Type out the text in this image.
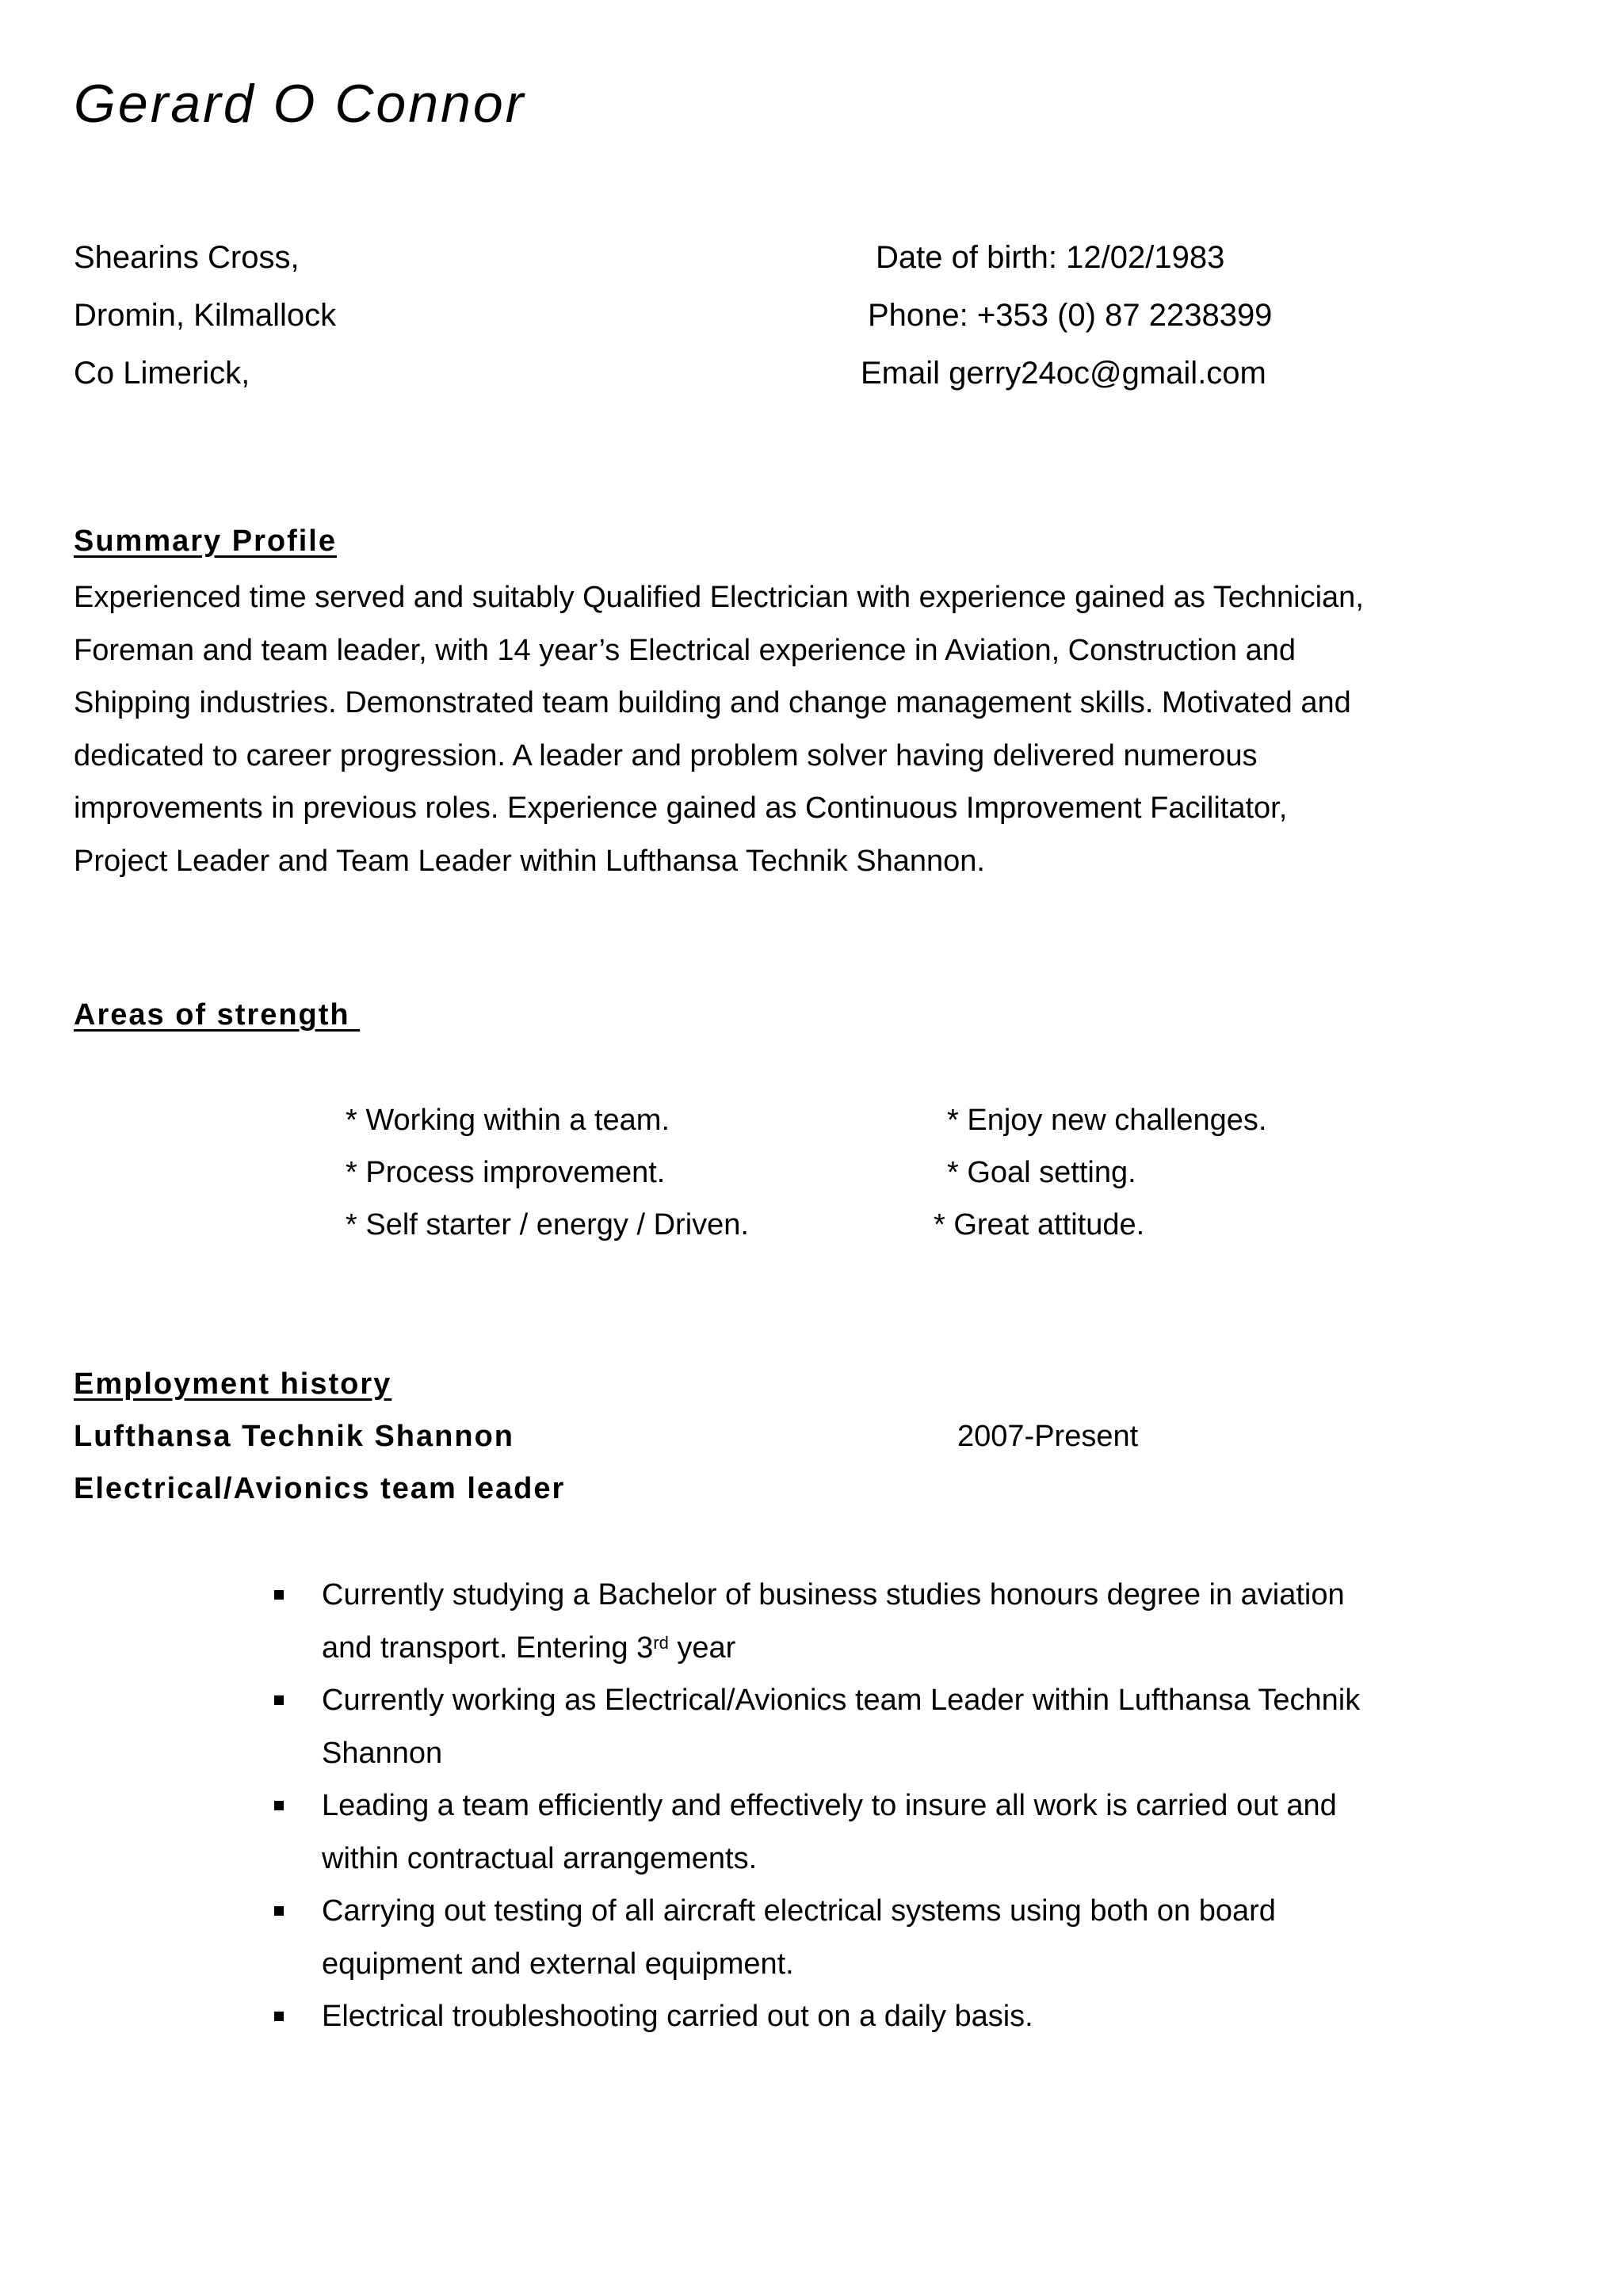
Gerard O Connor
Shearins Cross,
Dromin, Kilmallock
Co Limerick,
Date of birth: 12/02/1983
Phone: +353 (0) 87 2238399
Email gerry24oc@gmail.com
Summary Profile
Experienced time served and suitably Qualified Electrician with experience gained as Technician,
Foreman and team leader, with 14 year’s Electrical experience in Aviation, Construction and
Shipping industries. Demonstrated team building and change management skills. Motivated and
dedicated to career progression. A leader and problem solver having delivered numerous
improvements in previous roles. Experience gained as Continuous Improvement Facilitator,
Project Leader and Team Leader within Lufthansa Technik Shannon.
Areas of strength
* Working within a team.
* Process improvement.
* Self starter / energy / Driven.
* Enjoy new challenges.
* Goal setting.
* Great attitude.
Employment history
Lufthansa Technik Shannon	2007-Present
Electrical/Avionics team leader
Currently studying a Bachelor of business studies honours degree in aviation
and transport. Entering 3rd year
Currently working as Electrical/Avionics team Leader within Lufthansa Technik
Shannon
Leading a team efficiently and effectively to insure all work is carried out and
within contractual arrangements.
Carrying out testing of all aircraft electrical systems using both on board
equipment and external equipment.
Electrical troubleshooting carried out on a daily basis.
